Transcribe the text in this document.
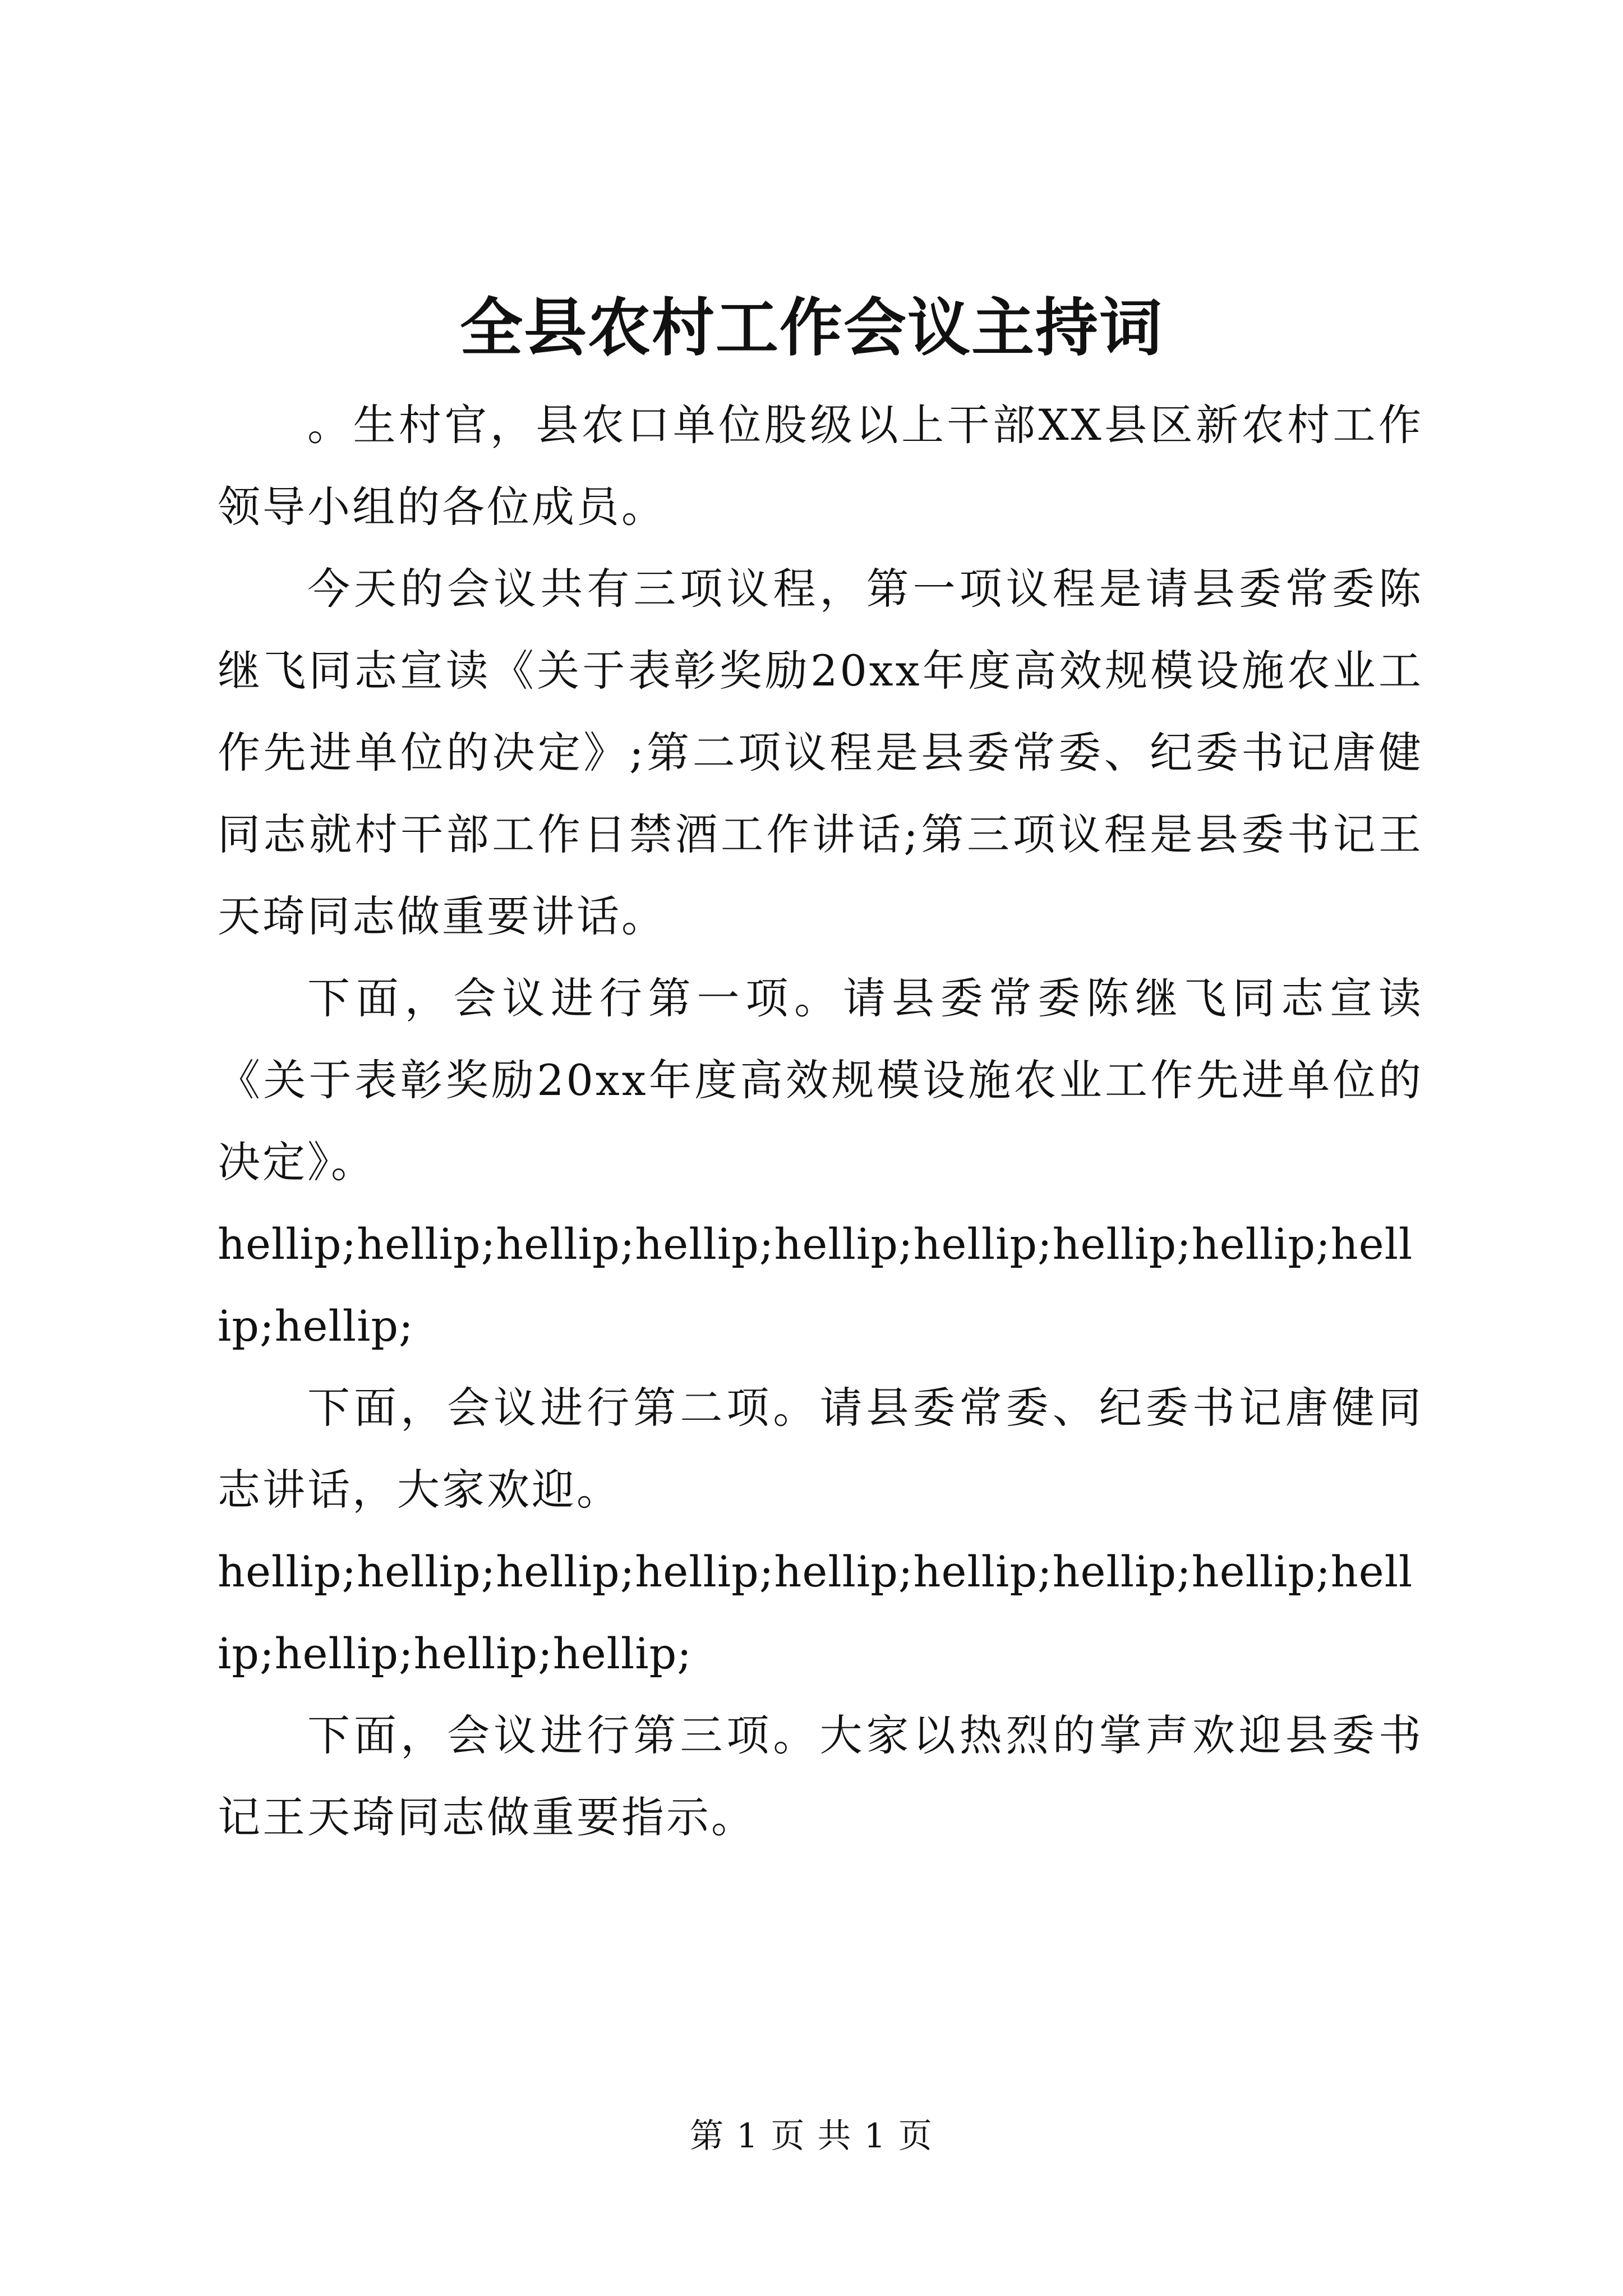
全县农村工作会议主持词

。生村官，县农口单位股级以上干部XX县区新农村工作领导小组的各位成员。

今天的会议共有三项议程，第一项议程是请县委常委陈继飞同志宣读《关于表彰奖励20xx年度高效规模设施农业工作先进单位的决定》;第二项议程是县委常委、纪委书记唐健同志就村干部工作日禁酒工作讲话;第三项议程是县委书记王天琦同志做重要讲话。

下面，会议进行第一项。请县委常委陈继飞同志宣读《关于表彰奖励20xx年度高效规模设施农业工作先进单位的决定》。

hellip;hellip;hellip;hellip;hellip;hellip;hellip;hellip;hellip;hellip;

下面，会议进行第二项。请县委常委、纪委书记唐健同志讲话，大家欢迎。

hellip;hellip;hellip;hellip;hellip;hellip;hellip;hellip;hellip;hellip;hellip;hellip;

下面，会议进行第三项。大家以热烈的掌声欢迎县委书记王天琦同志做重要指示。

第 1 页 共 1 页
